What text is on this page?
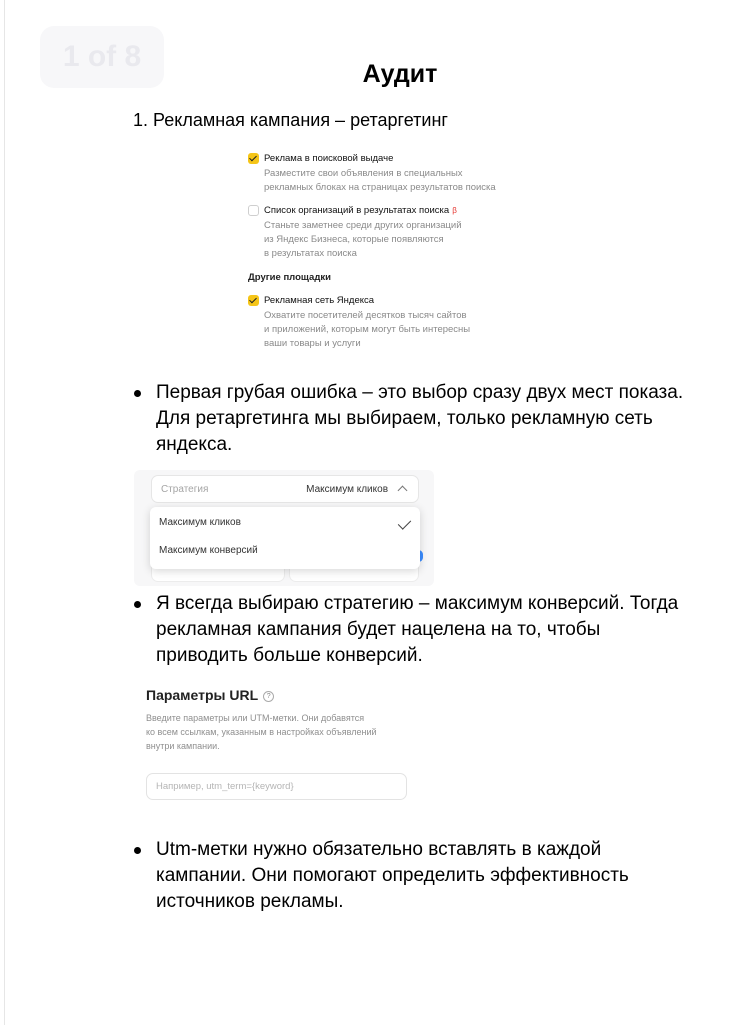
1 of 8
Аудит
1. Рекламная кампания – ретаргетинг
Реклама в поисковой выдаче
Разместите свои объявления в специальных
рекламных блоках на страницах результатов поиска
Список организаций в результатах поиска β
Станьте заметнее среди других организаций
из Яндекс Бизнеса, которые появляются
в результатах поиска
Другие площадки
Рекламная сеть Яндекса
Охватите посетителей десятков тысяч сайтов
и приложений, которым могут быть интересны
ваши товары и услуги
Первая грубая ошибка – это выбор сразу двух мест показа. Для ретаргетинга мы выбираем, только рекламную сеть яндекса.
Стратегия	Максимум кликов
Максимум кликов
Максимум конверсий
Я всегда выбираю стратегию – максимум конверсий. Тогда рекламная кампания будет нацелена на то, чтобы приводить больше конверсий.
Параметры URL ?
Введите параметры или UTM-метки. Они добавятся
ко всем ссылкам, указанным в настройках объявлений
внутри кампании.
Например, utm_term={keyword}
Utm-метки нужно обязательно вставлять в каждой кампании. Они помогают определить эффективность источников рекламы.
